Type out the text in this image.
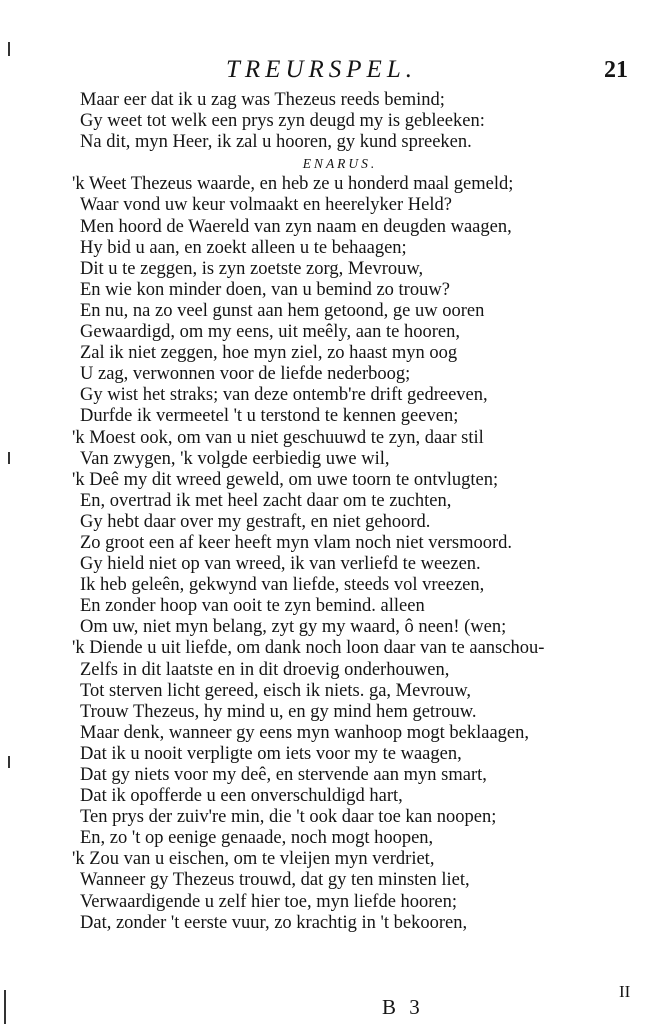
TREURSPEL.	21
Maar eer dat ik u zag was Thezeus reeds bemind;
Gy weet tot welk een prys zyn deugd my is gebleeken:
Na dit, myn Heer, ik zal u hooren, gy kund spreeken.
ENARUS.
'k Weet Thezeus waarde, en heb ze u honderd maal gemeld;
Waar vond uw keur volmaakt en heerelyker Held?
Men hoord de Waereld van zyn naam en deugden waagen,
Hy bid u aan, en zoekt alleen u te behaagen;
Dit u te zeggen, is zyn zoetste zorg, Mevrouw,
En wie kon minder doen, van u bemind zo trouw?
En nu, na zo veel gunst aan hem getoond, ge uw ooren
Gewaardigd, om my eens, uit meêly, aan te hooren,
Zal ik niet zeggen, hoe myn ziel, zo haast myn oog
U zag, verwonnen voor de liefde nederboog;
Gy wist het straks; van deze ontemb're drift gedreeven,
Durfde ik vermeetel 't u terstond te kennen geeven;
'k Moest ook, om van u niet geschuuwd te zyn, daar stil
Van zwygen, 'k volgde eerbiedig uwe wil,
'k Deê my dit wreed geweld, om uwe toorn te ontvlugten;
En, overtrad ik met heel zacht daar om te zuchten,
Gy hebt daar over my gestraft, en niet gehoord.
Zo groot een af keer heeft myn vlam noch niet versmoord.
Gy hield niet op van wreed, ik van verliefd te weezen.
Ik heb geleên, gekwynd van liefde, steeds vol vreezen,
En zonder hoop van ooit te zyn bemind. alleen
Om uw, niet myn belang, zyt gy my waard, ô neen! (wen;
'k Diende u uit liefde, om dank noch loon daar van te aanschou-
Zelfs in dit laatste en in dit droevig onderhouwen,
Tot sterven licht gereed, eisch ik niets. ga, Mevrouw,
Trouw Thezeus, hy mind u, en gy mind hem getrouw.
Maar denk, wanneer gy eens myn wanhoop mogt beklaagen,
Dat ik u nooit verpligte om iets voor my te waagen,
Dat gy niets voor my deê, en stervende aan myn smart,
Dat ik opofferde u een onverschuldigd hart,
Ten prys der zuiv're min, die 't ook daar toe kan noopen;
En, zo 't op eenige genaade, noch mogt hoopen,
'k Zou van u eischen, om te vleijen myn verdriet,
Wanneer gy Thezeus trouwd, dat gy ten minsten liet,
Verwaardigende u zelf hier toe, myn liefde hooren;
Dat, zonder 't eerste vuur, zo krachtig in 't bekooren,
B 3
II
